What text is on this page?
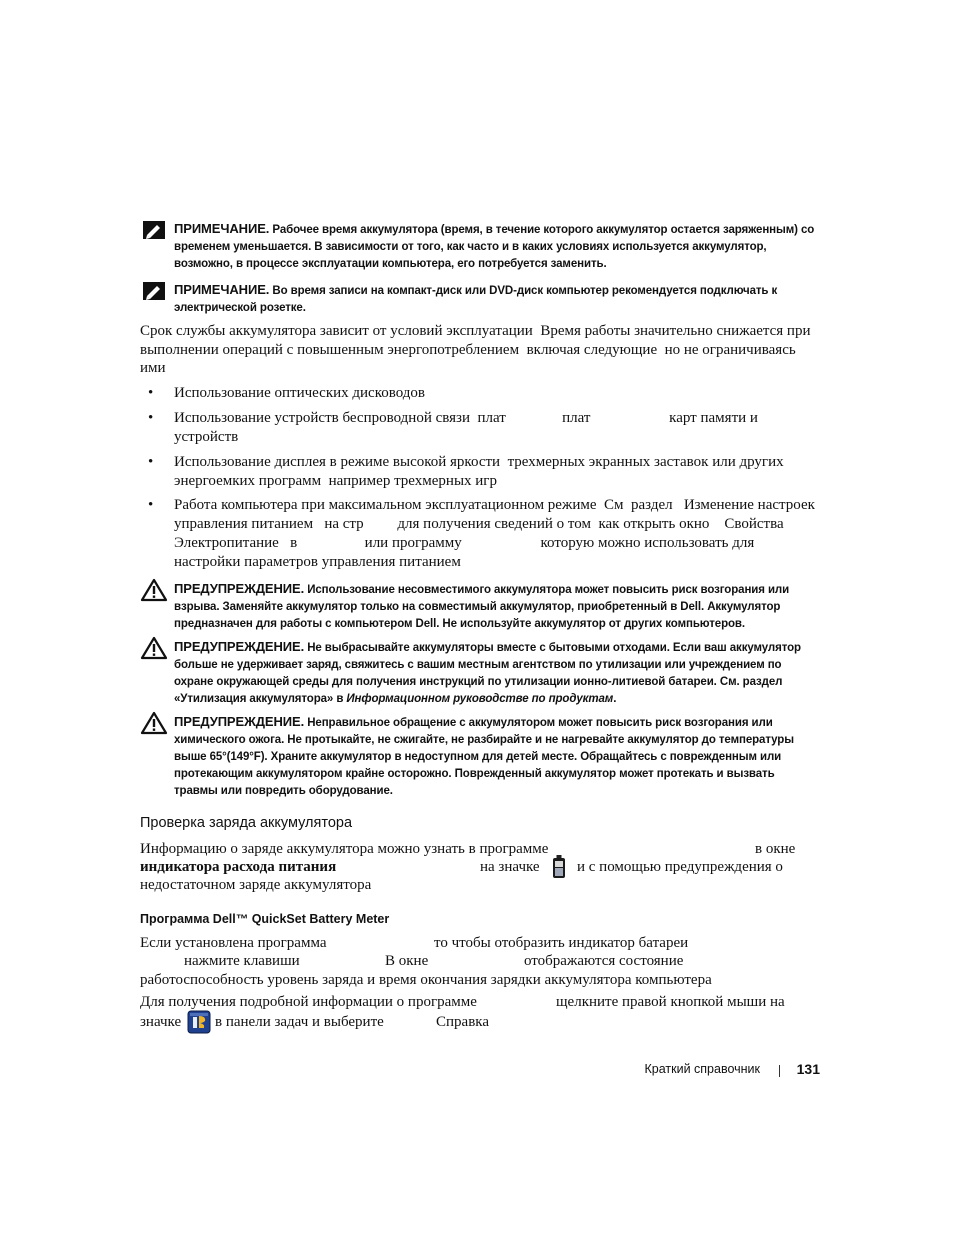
ПРИМЕЧАНИЕ. Рабочее время аккумулятора (время, в течение которого аккумулятор остается заряженным) со временем уменьшается. В зависимости от того, как часто и в каких условиях используется аккумулятор, возможно, в процессе эксплуатации компьютера, его потребуется заменить.
ПРИМЕЧАНИЕ. Во время записи на компакт-диск или DVD-диск компьютер рекомендуется подключать к электрической розетке.
Срок службы аккумулятора зависит от условий эксплуатации  Время работы значительно снижается при выполнении операций с повышенным энергопотреблением  включая следующие  но не ограничиваясь ими
• Использование оптических дисководов
• Использование устройств беспроводной связи  плат               плат                     карт памяти и устройств
• Использование дисплея в режиме высокой яркости  трехмерных экранных заставок или других энергоемких программ  например трехмерных игр
• Работа компьютера при максимальном эксплуатационном режиме  См  раздел   Изменение настроек управления питанием   на стр         для получения сведений о том  как открыть окно    Свойства  Электропитание   в                  или программу                     которую можно использовать для настройки параметров управления питанием
ПРЕДУПРЕЖДЕНИЕ. Использование несовместимого аккумулятора может повысить риск возгорания или взрыва. Заменяйте аккумулятор только на совместимый аккумулятор, приобретенный в Dell. Аккумулятор предназначен для работы с компьютером Dell. Не используйте аккумулятор от других компьютеров.
ПРЕДУПРЕЖДЕНИЕ. Не выбрасывайте аккумуляторы вместе с бытовыми отходами. Если ваш аккумулятор больше не удерживает заряд, свяжитесь с вашим местным агентством по утилизации или учреждением по охране окружающей среды для получения инструкций по утилизации ионно-литиевой батареи. См. раздел «Утилизация аккумулятора» в Информационном руководстве по продуктам.
ПРЕДУПРЕЖДЕНИЕ. Неправильное обращение с аккумулятором может повысить риск возгорания или химического ожога. Не протыкайте, не сжигайте, не разбирайте и не нагревайте аккумулятор до температуры выше 65°(149°F). Храните аккумулятор в недоступном для детей месте. Обращайтесь с поврежденным или протекающим аккумулятором крайне осторожно. Поврежденный аккумулятор может протекать и вызвать травмы или повредить оборудование.
Проверка заряда аккумулятора
Информацию о заряде аккумулятора можно узнать в программе	в окне
индикатора расхода питания	на значке и с помощью предупреждения о
недостаточном заряде аккумулятора
Программа Dell™ QuickSet Battery Meter
Если установлена программа	то чтобы отобразить индикатор батареи
нажмите клавиши	В окне	отображаются состояние
работоспособность уровень заряда и время окончания зарядки аккумулятора компьютера
Для получения подробной информации о программе	щелкните правой кнопкой мыши на
значке в панели задач и выберите	Справка
Краткий справочник	131
